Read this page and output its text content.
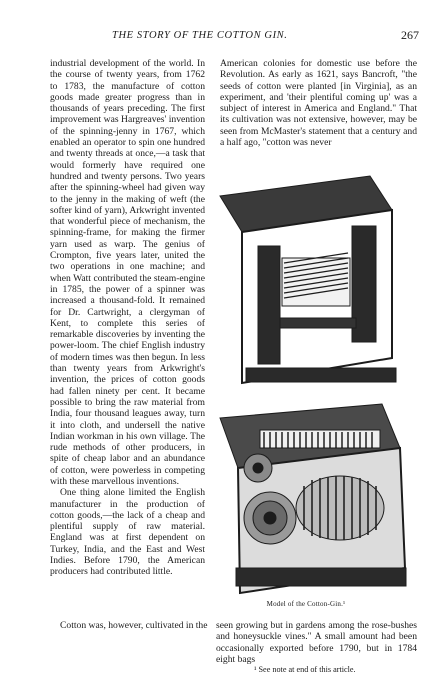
THE STORY OF THE COTTON GIN.	267

industrial development of the world. In the course of twenty years, from 1762 to 1783, the manufacture of cotton goods made greater progress than in thousands of years preceding. The first improvement was Hargreaves' invention of the spinning-jenny in 1767, which enabled an operator to spin one hundred and twenty threads at once,—a task that would formerly have required one hundred and twenty persons. Two years after the spinning-wheel had given way to the jenny in the making of weft (the softer kind of yarn), Arkwright invented that wonderful piece of mechanism, the spinning-frame, for making the firmer yarn used as warp. The genius of Crompton, five years later, united the two operations in one machine; and when Watt contributed the steam-engine in 1785, the power of a spinner was increased a thousand-fold. It remained for Dr. Cartwright, a clergyman of Kent, to complete this series of remarkable discoveries by inventing the power-loom. The chief English industry of modern times was then begun. In less than twenty years from Arkwright's invention, the prices of cotton goods had fallen ninety per cent. It became possible to bring the raw material from India, four thousand leagues away, turn it into cloth, and undersell the native Indian workman in his own village. The rude methods of other producers, in spite of cheap labor and an abundance of cotton, were powerless in competing with these marvellous inventions.

One thing alone limited the English manufacturer in the production of cotton goods,—the lack of a cheap and plentiful supply of raw material. England was at first dependent on Turkey, India, and the East and West Indies. Before 1790, the American producers had contributed little.

American colonies for domestic use before the Revolution. As early as 1621, says Bancroft, "the seeds of cotton were planted [in Virginia], as an experiment, and 'their plentiful coming up' was a subject of interest in America and England." That its cultivation was not extensive, however, may be seen from McMaster's statement that a century and a half ago, "cotton was never

Cotton was, however, cultivated in the seen growing but in gardens among the rose-bushes and honeysuckle vines." A small amount had been occasionally exported before 1790, but in 1784 eight bags

¹ See note at end of this article.

Model of the Cotton-Gin.¹
